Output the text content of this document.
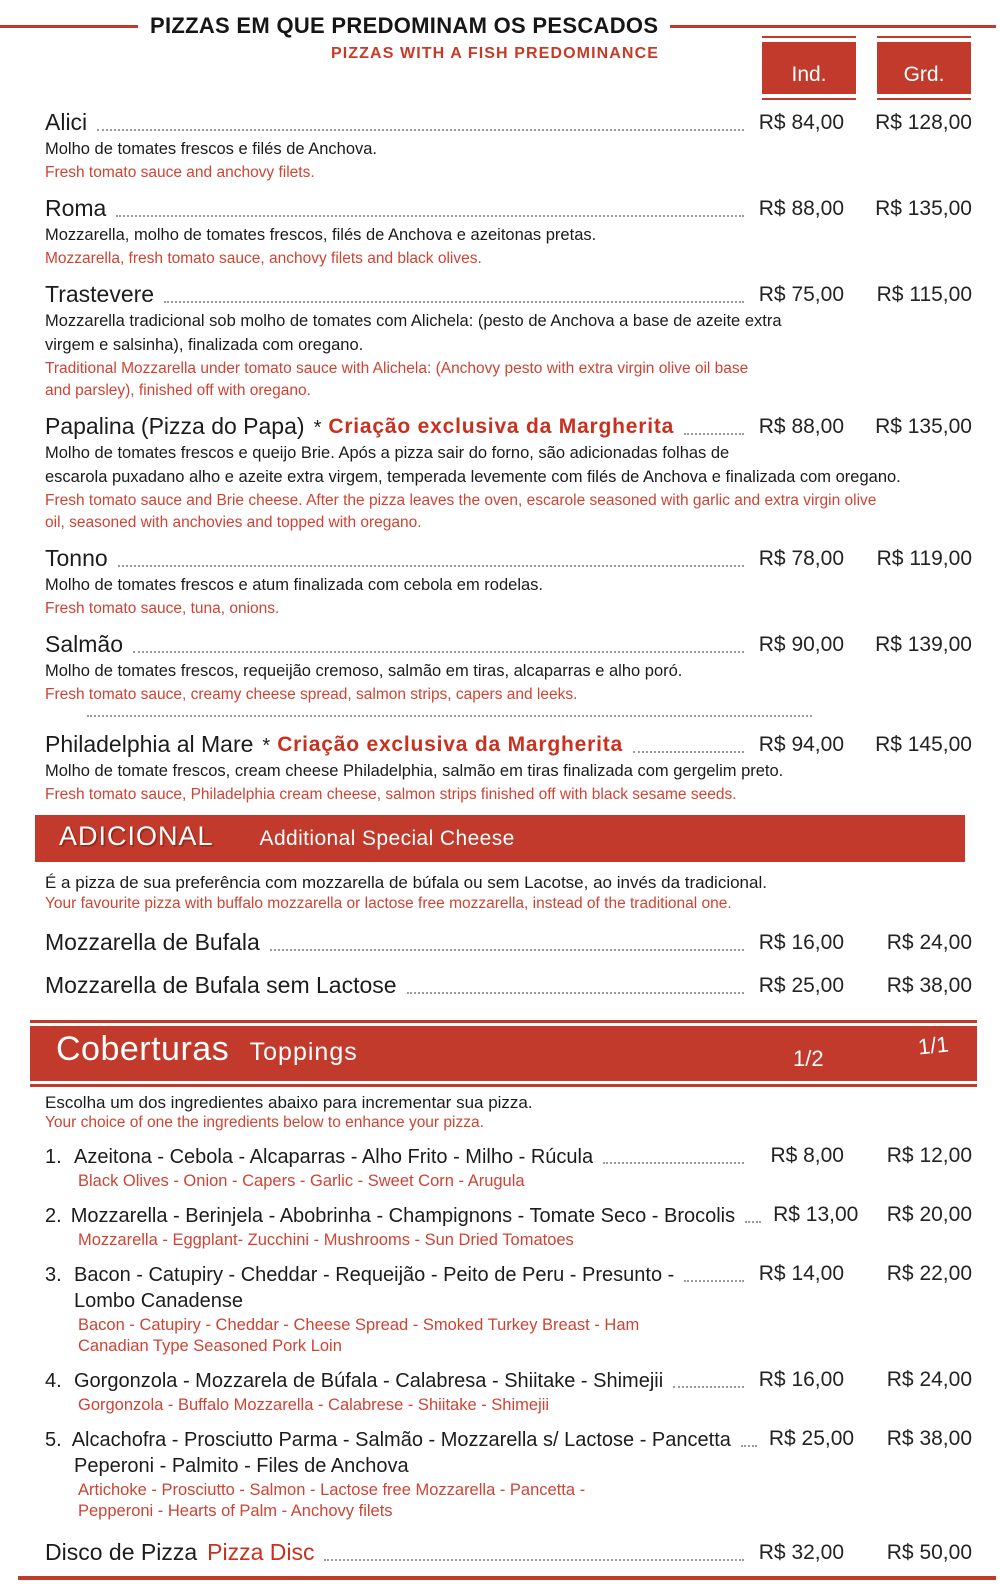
PIZZAS EM QUE PREDOMINAM OS PESCADOS
PIZZAS WITH A FISH PREDOMINANCE
Ind.	Grd.
Alici	R$ 84,00	R$ 128,00
Molho de tomates frescos e filés de Anchova.
Fresh tomato sauce and anchovy filets.
Roma	R$ 88,00	R$ 135,00
Mozzarella, molho de tomates frescos, filés de Anchova e azeitonas pretas.
Mozzarella, fresh tomato sauce, anchovy filets and black olives.
Trastevere	R$ 75,00	R$ 115,00
Mozzarella tradicional sob molho de tomates com Alichela: (pesto de Anchova a base de azeite extra
virgem e salsinha), finalizada com oregano.
Traditional Mozzarella under tomato sauce with Alichela: (Anchovy pesto with extra virgin olive oil base
and parsley), finished off with oregano.
Papalina (Pizza do Papa) * Criação exclusiva da Margherita	R$ 88,00	R$ 135,00
Molho de tomates frescos e queijo Brie. Após a pizza sair do forno, são adicionadas folhas de
escarola puxadano alho e azeite extra virgem, temperada levemente com filés de Anchova e finalizada com oregano.
Fresh tomato sauce and Brie cheese. After the pizza leaves the oven, escarole seasoned with garlic and extra virgin olive
oil, seasoned with anchovies and topped with oregano.
Tonno	R$ 78,00	R$ 119,00
Molho de tomates frescos e atum finalizada com cebola em rodelas.
Fresh tomato sauce, tuna, onions.
Salmão	R$ 90,00	R$ 139,00
Molho de tomates frescos, requeijão cremoso, salmão em tiras, alcaparras e alho poró.
Fresh tomato sauce, creamy cheese spread, salmon strips, capers and leeks.
Philadelphia al Mare * Criação exclusiva da Margherita	R$ 94,00	R$ 145,00
Molho de tomate frescos, cream cheese Philadelphia, salmão em tiras finalizada com gergelim preto.
Fresh tomato sauce, Philadelphia cream cheese, salmon strips finished off with black sesame seeds.
ADICIONAL Additional Special Cheese
É a pizza de sua preferência com mozzarella de búfala ou sem Lacotse, ao invés da tradicional.
Your favourite pizza with buffalo mozzarella or lactose free mozzarella, instead of the traditional one.
Mozzarella de Bufala	R$ 16,00	R$ 24,00
Mozzarella de Bufala sem Lactose	R$ 25,00	R$ 38,00
Coberturas Toppings	1/2	1/1
Escolha um dos ingredientes abaixo para incrementar sua pizza.
Your choice of one the ingredients below to enhance your pizza.
1. Azeitona - Cebola - Alcaparras - Alho Frito - Milho - Rúcula	R$ 8,00	R$ 12,00
Black Olives - Onion - Capers - Garlic - Sweet Corn - Arugula
2. Mozzarella - Berinjela - Abobrinha - Champignons - Tomate Seco - Brocolis R$ 13,00	R$ 20,00
Mozzarella - Eggplant- Zucchini - Mushrooms - Sun Dried Tomatoes
3. Bacon - Catupiry - Cheddar - Requeijão - Peito de Peru - Presunto -	R$ 14,00	R$ 22,00
Lombo Canadense
Bacon - Catupiry - Cheddar - Cheese Spread - Smoked Turkey Breast - Ham
Canadian Type Seasoned Pork Loin
4. Gorgonzola - Mozzarela de Búfala - Calabresa - Shiitake - Shimejii	R$ 16,00	R$ 24,00
Gorgonzola - Buffalo Mozzarella - Calabrese - Shiitake - Shimejii
5. Alcachofra - Prosciutto Parma - Salmão - Mozzarella s/ Lactose - Pancetta R$ 25,00	R$ 38,00
Peperoni - Palmito - Files de Anchova
Artichoke - Prosciutto - Salmon - Lactose free Mozzarella - Pancetta -
Pepperoni - Hearts of Palm - Anchovy filets
Disco de Pizza Pizza Disc	R$ 32,00	R$ 50,00
